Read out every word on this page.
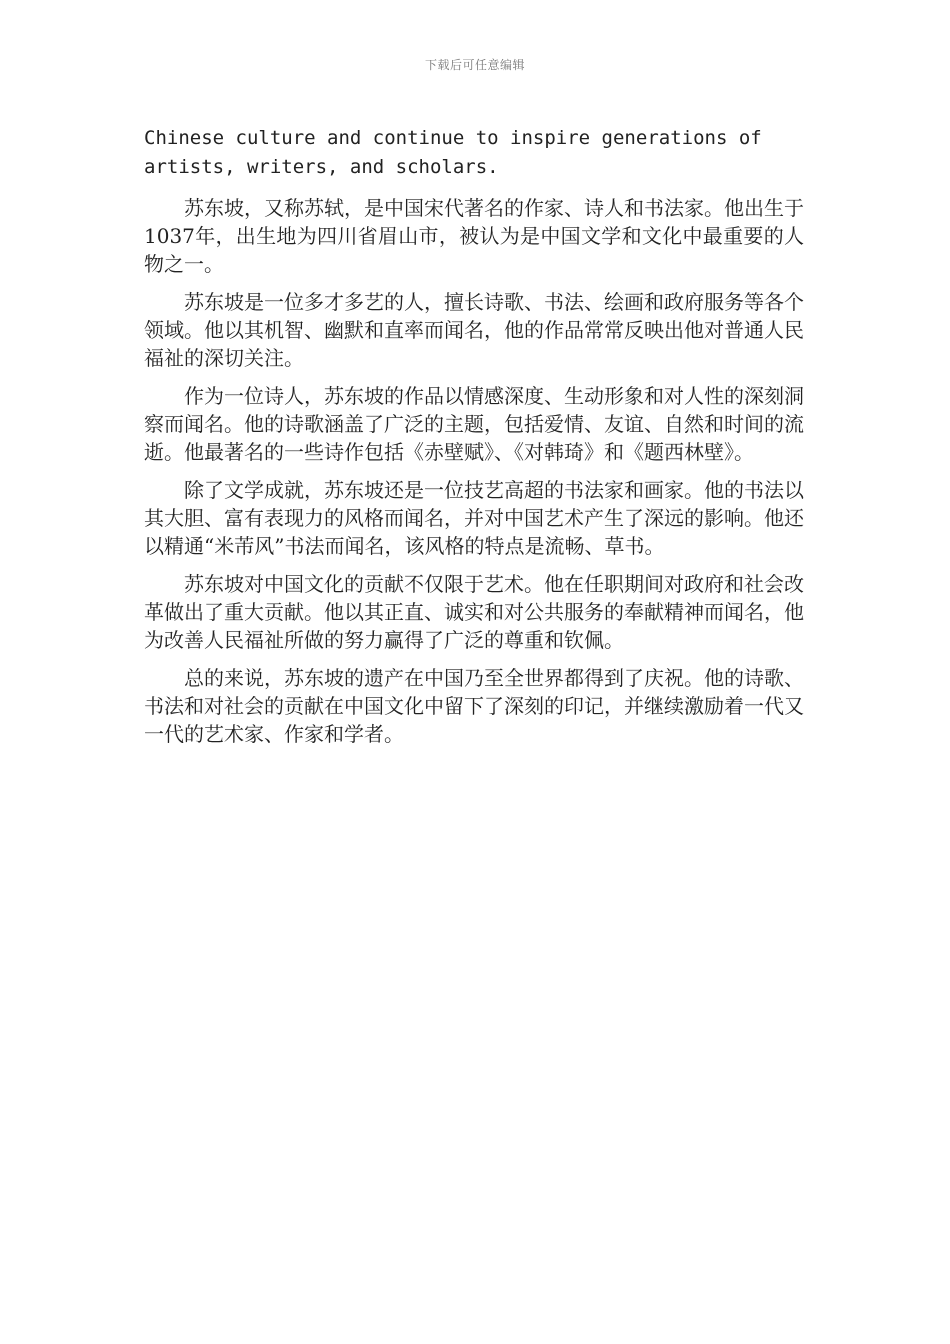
下载后可任意编辑

Chinese culture and continue to inspire generations of artists, writers, and scholars.

苏东坡，又称苏轼，是中国宋代著名的作家、诗人和书法家。他出生于1037年，出生地为四川省眉山市，被认为是中国文学和文化中最重要的人物之一。

苏东坡是一位多才多艺的人，擅长诗歌、书法、绘画和政府服务等各个领域。他以其机智、幽默和直率而闻名，他的作品常常反映出他对普通人民福祉的深切关注。

作为一位诗人，苏东坡的作品以情感深度、生动形象和对人性的深刻洞察而闻名。他的诗歌涵盖了广泛的主题，包括爱情、友谊、自然和时间的流逝。他最著名的一些诗作包括《赤壁赋》、《对韩琦》和《题西林壁》。

除了文学成就，苏东坡还是一位技艺高超的书法家和画家。他的书法以其大胆、富有表现力的风格而闻名，并对中国艺术产生了深远的影响。他还以精通“米芾风”书法而闻名，该风格的特点是流畅、草书。

苏东坡对中国文化的贡献不仅限于艺术。他在任职期间对政府和社会改革做出了重大贡献。他以其正直、诚实和对公共服务的奉献精神而闻名，他为改善人民福祉所做的努力赢得了广泛的尊重和钦佩。

总的来说，苏东坡的遗产在中国乃至全世界都得到了庆祝。他的诗歌、书法和对社会的贡献在中国文化中留下了深刻的印记，并继续激励着一代又一代的艺术家、作家和学者。
